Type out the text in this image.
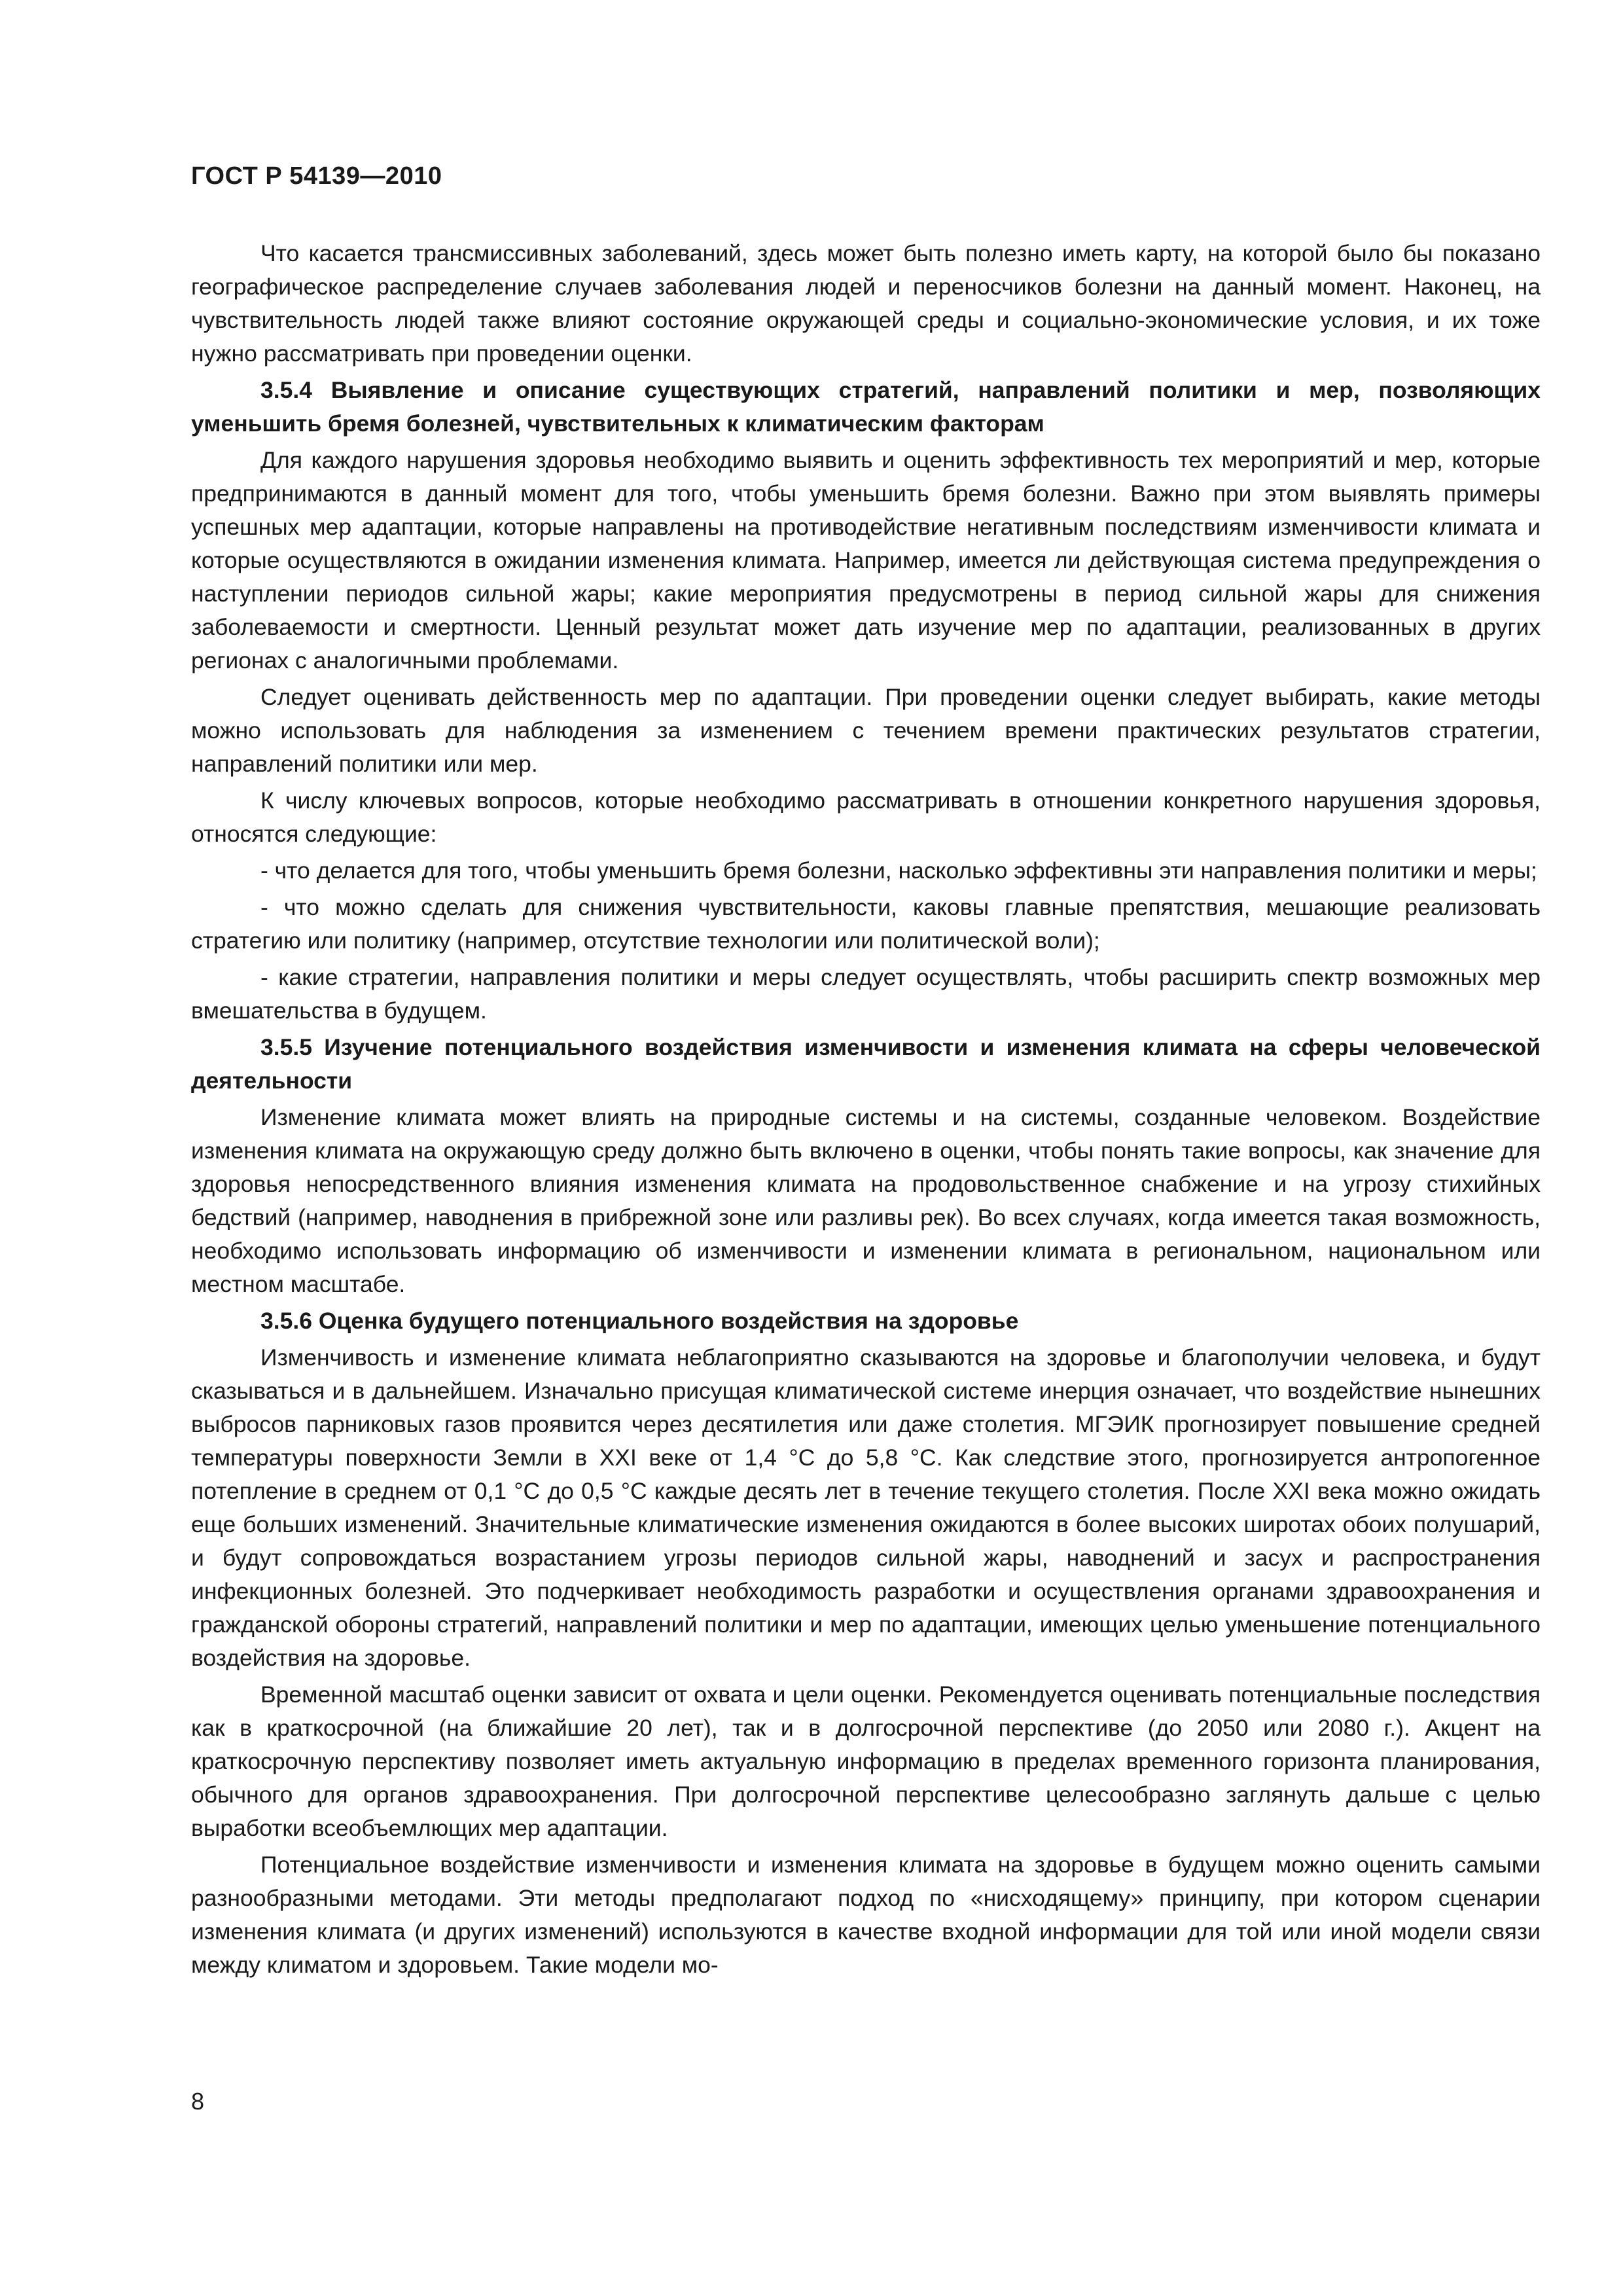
ГОСТ Р 54139—2010

Что касается трансмиссивных заболеваний, здесь может быть полезно иметь карту, на которой было бы показано географическое распределение случаев заболевания людей и переносчиков болезни на данный момент. Наконец, на чувствительность людей также влияют состояние окружающей среды и социально-экономические условия, и их тоже нужно рассматривать при проведении оценки.

3.5.4 Выявление и описание существующих стратегий, направлений политики и мер, позволяющих уменьшить бремя болезней, чувствительных к климатическим факторам

Для каждого нарушения здоровья необходимо выявить и оценить эффективность тех мероприятий и мер, которые предпринимаются в данный момент для того, чтобы уменьшить бремя болезни. Важно при этом выявлять примеры успешных мер адаптации, которые направлены на противодействие негативным последствиям изменчивости климата и которые осуществляются в ожидании изменения климата. Например, имеется ли действующая система предупреждения о наступлении периодов сильной жары; какие мероприятия предусмотрены в период сильной жары для снижения заболеваемости и смертности. Ценный результат может дать изучение мер по адаптации, реализованных в других регионах с аналогичными проблемами.

Следует оценивать действенность мер по адаптации. При проведении оценки следует выбирать, какие методы можно использовать для наблюдения за изменением с течением времени практических результатов стратегии, направлений политики или мер.

К числу ключевых вопросов, которые необходимо рассматривать в отношении конкретного нарушения здоровья, относятся следующие:

- что делается для того, чтобы уменьшить бремя болезни, насколько эффективны эти направления политики и меры;

- что можно сделать для снижения чувствительности, каковы главные препятствия, мешающие реализовать стратегию или политику (например, отсутствие технологии или политической воли);

- какие стратегии, направления политики и меры следует осуществлять, чтобы расширить спектр возможных мер вмешательства в будущем.

3.5.5 Изучение потенциального воздействия изменчивости и изменения климата на сферы человеческой деятельности

Изменение климата может влиять на природные системы и на системы, созданные человеком. Воздействие изменения климата на окружающую среду должно быть включено в оценки, чтобы понять такие вопросы, как значение для здоровья непосредственного влияния изменения климата на продовольственное снабжение и на угрозу стихийных бедствий (например, наводнения в прибрежной зоне или разливы рек). Во всех случаях, когда имеется такая возможность, необходимо использовать информацию об изменчивости и изменении климата в региональном, национальном или местном масштабе.

3.5.6 Оценка будущего потенциального воздействия на здоровье

Изменчивость и изменение климата неблагоприятно сказываются на здоровье и благополучии человека, и будут сказываться и в дальнейшем. Изначально присущая климатической системе инерция означает, что воздействие нынешних выбросов парниковых газов проявится через десятилетия или даже столетия. МГЭИК прогнозирует повышение средней температуры поверхности Земли в XXI веке от 1,4 °С до 5,8 °С. Как следствие этого, прогнозируется антропогенное потепление в среднем от 0,1 °С до 0,5 °С каждые десять лет в течение текущего столетия. После XXI века можно ожидать еще больших изменений. Значительные климатические изменения ожидаются в более высоких широтах обоих полушарий, и будут сопровождаться возрастанием угрозы периодов сильной жары, наводнений и засух и распространения инфекционных болезней. Это подчеркивает необходимость разработки и осуществления органами здравоохранения и гражданской обороны стратегий, направлений политики и мер по адаптации, имеющих целью уменьшение потенциального воздействия на здоровье.

Временной масштаб оценки зависит от охвата и цели оценки. Рекомендуется оценивать потенциальные последствия как в краткосрочной (на ближайшие 20 лет), так и в долгосрочной перспективе (до 2050 или 2080 г.). Акцент на краткосрочную перспективу позволяет иметь актуальную информацию в пределах временного горизонта планирования, обычного для органов здравоохранения. При долгосрочной перспективе целесообразно заглянуть дальше с целью выработки всеобъемлющих мер адаптации.

Потенциальное воздействие изменчивости и изменения климата на здоровье в будущем можно оценить самыми разнообразными методами. Эти методы предполагают подход по «нисходящему» принципу, при котором сценарии изменения климата (и других изменений) используются в качестве входной информации для той или иной модели связи между климатом и здоровьем. Такие модели мо-

8
